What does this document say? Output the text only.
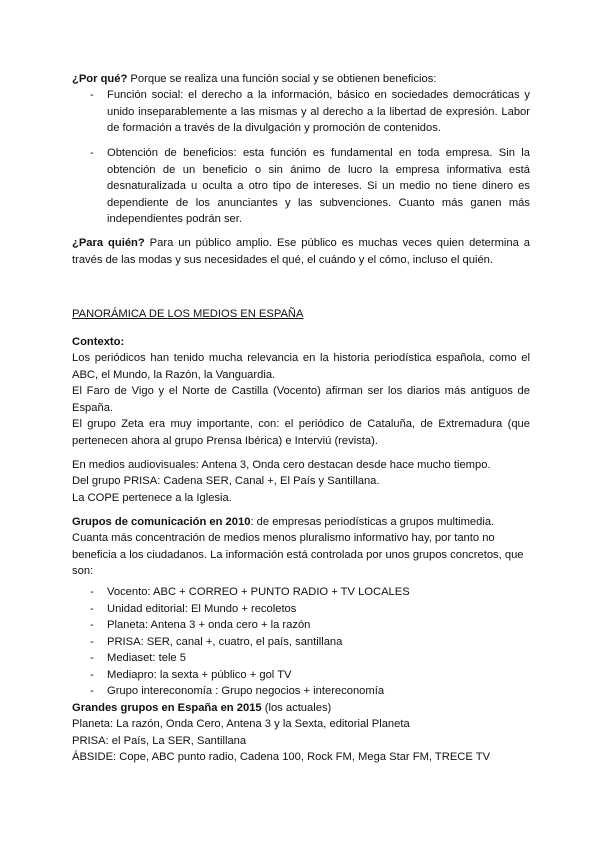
¿Por qué? Porque se realiza una función social y se obtienen beneficios:
- Función social: el derecho a la información, básico en sociedades democráticas y unido inseparablemente a las mismas y al derecho a la libertad de expresión. Labor de formación a través de la divulgación y promoción de contenidos.
- Obtención de beneficios: esta función es fundamental en toda empresa. Sin la obtención de un beneficio o sin ánimo de lucro la empresa informativa está desnaturalizada u oculta a otro tipo de intereses. Si un medio no tiene dinero es dependiente de los anunciantes y las subvenciones. Cuanto más ganen más independientes podrán ser.
¿Para quién? Para un público amplio. Ese público es muchas veces quien determina a través de las modas y sus necesidades el qué, el cuándo y el cómo, incluso el quién.
PANORÁMICA DE LOS MEDIOS EN ESPAÑA
Contexto:
Los periódicos han tenido mucha relevancia en la historia periodística española, como el ABC, el Mundo, la Razón, la Vanguardia.
El Faro de Vigo y el Norte de Castilla (Vocento) afirman ser los diarios más antiguos de España.
El grupo Zeta era muy importante, con: el periódico de Cataluña, de Extremadura (que pertenecen ahora al grupo Prensa Ibérica) e Interviú (revista).
En medios audiovisuales: Antena 3, Onda cero destacan desde hace mucho tiempo.
Del grupo PRISA: Cadena SER, Canal +, El País y Santillana.
La COPE pertenece a la Iglesia.
Grupos de comunicación en 2010: de empresas periodísticas a grupos multimedia.
Cuanta más concentración de medios menos pluralismo informativo hay, por tanto no
beneficia a los ciudadanos. La información está controlada por unos grupos concretos, que
son:
- Vocento: ABC + CORREO + PUNTO RADIO + TV LOCALES
- Unidad editorial: El Mundo + recoletos
- Planeta: Antena 3 + onda cero + la razón
- PRISA: SER, canal +, cuatro, el país, santillana
- Mediaset: tele 5
- Mediapro: la sexta + público + gol TV
- Grupo intereconomía : Grupo negocios + intereconomía
Grandes grupos en España en 2015 (los actuales)
Planeta: La razón, Onda Cero, Antena 3 y la Sexta, editorial Planeta
PRISA: el País, La SER, Santillana
ÁBSIDE: Cope, ABC punto radio, Cadena 100, Rock FM, Mega Star FM, TRECE TV
